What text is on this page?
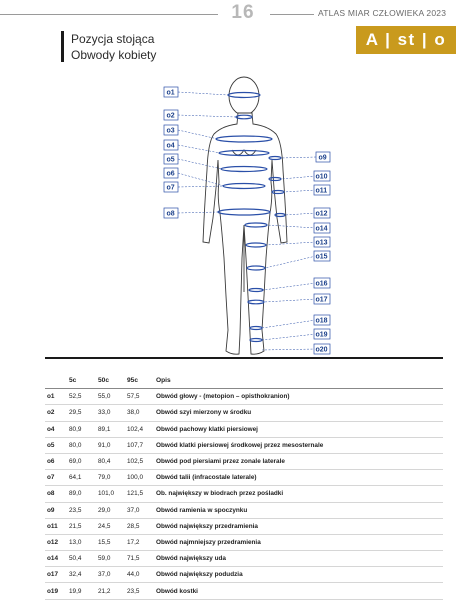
16	ATLAS MIAR CZŁOWIEKA 2023
A | st | o
Pozycja stojąca
Obwody kobiety
o1
o2
o3
o4
o5
o6
o7
o8
o9
o10
o11
o12
o14
o13
o15
o16
o17
o18
o19
o20
	5c	50c	95c	Opis
o1	52,5	55,0	57,5	Obwód głowy - (metopion – opisthokranion)
o2	29,5	33,0	38,0	Obwód szyi mierzony w środku
o4	80,9	89,1	102,4	Obwód pachowy klatki piersiowej
o5	80,0	91,0	107,7	Obwód klatki piersiowej środkowej przez mesosternale
o6	69,0	80,4	102,5	Obwód pod piersiami przez zonale laterale
o7	64,1	79,0	100,0	Obwód talii (infracostale laterale)
o8	89,0	101,0	121,5	Ob. największy w biodrach przez pośladki
o9	23,5	29,0	37,0	Obwód ramienia w spoczynku
o11	21,5	24,5	28,5	Obwód największy przedramienia
o12	13,0	15,5	17,2	Obwód najmniejszy przedramienia
o14	50,4	59,0	71,5	Obwód największy uda
o17	32,4	37,0	44,0	Obwód największy podudzia
o19	19,9	21,2	23,5	Obwód kostki
